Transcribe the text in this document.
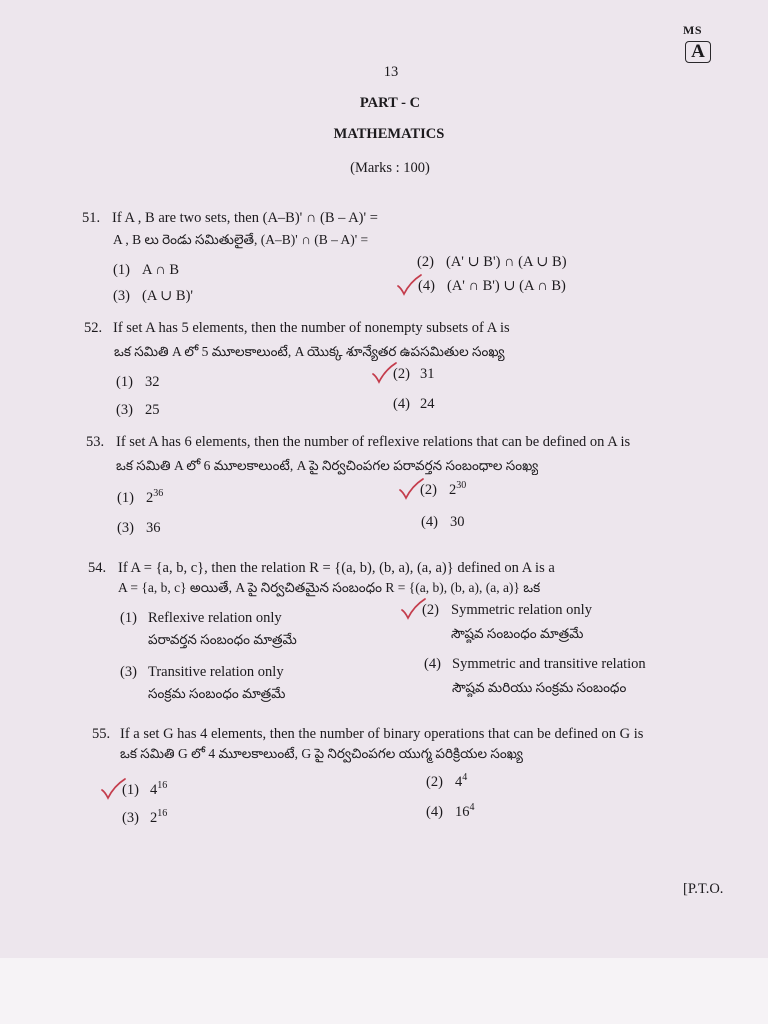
MS
A
13
PART - C
MATHEMATICS
(Marks : 100)
51. If A , B are two sets, then (A–B)' ∩ (B – A)' =
A , B లు రెండు సమితులైతే, (A–B)' ∩ (B – A)' =
(1) A ∩ B	(2) (A' ∪ B') ∩ (A ∪ B)
(3) (A ∪ B)'
(4) (A' ∩ B') ∪ (A ∩ B)
52. If set A has 5 elements, then the number of nonempty subsets of A is
ఒక సమితి A లో 5 మూలకాలుంటే, A యొక్క శూన్యేతర ఉపసమితుల సంఖ్య
(1) 32	(2) 31
(3) 25	(4) 24
53. If set A has 6 elements, then the number of reflexive relations that can be defined on A is
ఒక సమితి A లో 6 మూలకాలుంటే, A పై నిర్వచింపగల పరావర్తన సంబంధాల సంఖ్య
(1) $2^{36}$	(2) $2^{30}$
(3) 36	(4) 30
54. If A = {a, b, c}, then the relation R = {(a, b), (b, a), (a, a)} defined on A is a
A = {a, b, c} అయితే, A పై నిర్వచితమైన సంబంధం R = {(a, b), (b, a), (a, a)} ఒక
(1) Reflexive relation only
పరావర్తన సంబంధం మాత్రమే
(2) Symmetric relation only
సౌష్ఠవ సంబంధం మాత్రమే
(3) Transitive relation only
సంక్రమ సంబంధం మాత్రమే
(4) Symmetric and transitive relation
సౌష్ఠవ మరియు సంక్రమ సంబంధం
55. If a set G has 4 elements, then the number of binary operations that can be defined on G is
ఒక సమితి G లో 4 మూలకాలుంటే, G పై నిర్వచింపగల యుగ్మ పరిక్రియల సంఖ్య
(1) $4^{16}$	(2) $4^4$
(3) $2^{16}$	(4) $16^4$
[P.T.O.
